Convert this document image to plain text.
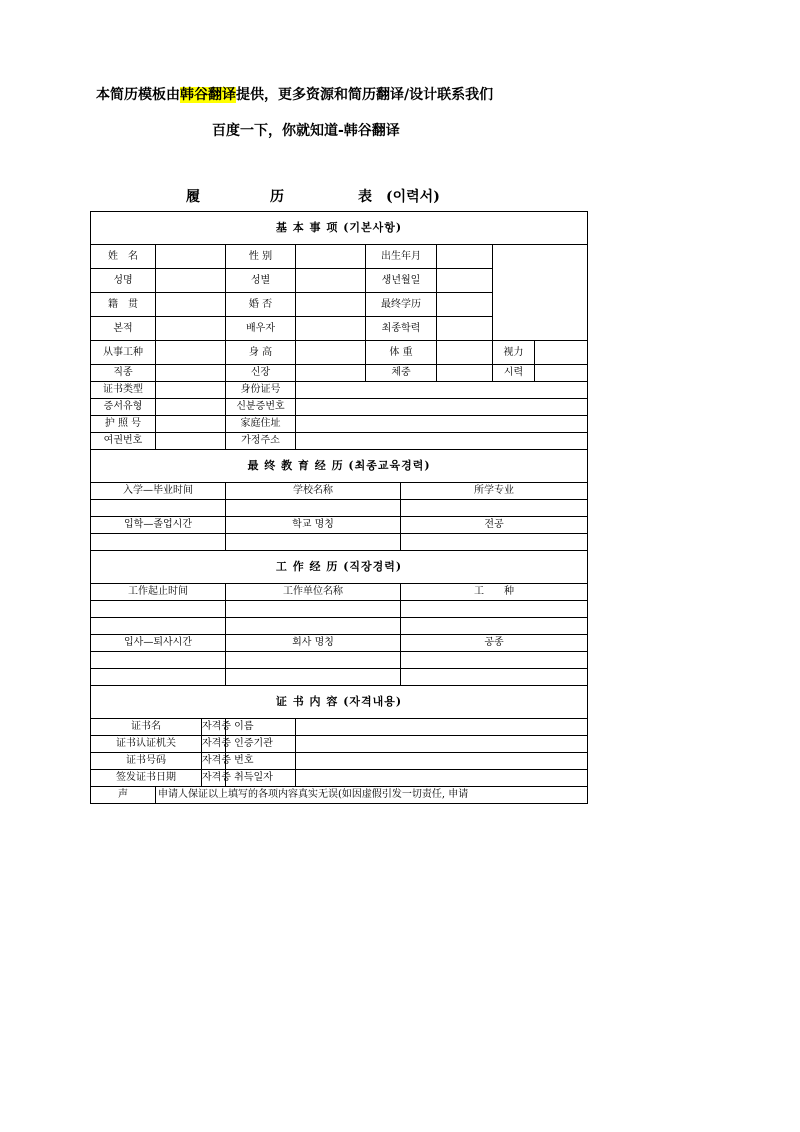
本简历模板由韩谷翻译提供，更多资源和简历翻译/设计联系我们
百度一下，你就知道-韩谷翻译
履	历	表 (이력서)
基 本 事 项 (기본사항)								
姓　名		性 别		出生年月				
성명		성별		생년월일				
籍　贯		婚 否		最终学历				
본적		배우자		최종학력				
从事工种		身 高		体 重			视力	
직종		신장		체중			시력	
证书类型		身份证号						
증서유형		신분증번호						
护 照 号		家庭住址						
여권번호		가정주소						
最 终 教 育 经 历 (최종교육경력)								
入学—毕业时间		学校名称			所学专业			

입학—졸업시간		학교 명칭			전공			

工 作 经 历 (직장경력)								
工作起止时间		工作单位名称			工　　种			

입사—퇴사시간		회사 명칭			공종			

证 书 内 容 (자격내용)								

证书名 자격증 이름								

证书认证机关 자격증 인증기관								

证书号码 자격증 번호								

签发证书日期 자격증 취득일자								

声	申请人保证以上填写的各项内容真实无误(如因虚假引发一切责任, 申请							
